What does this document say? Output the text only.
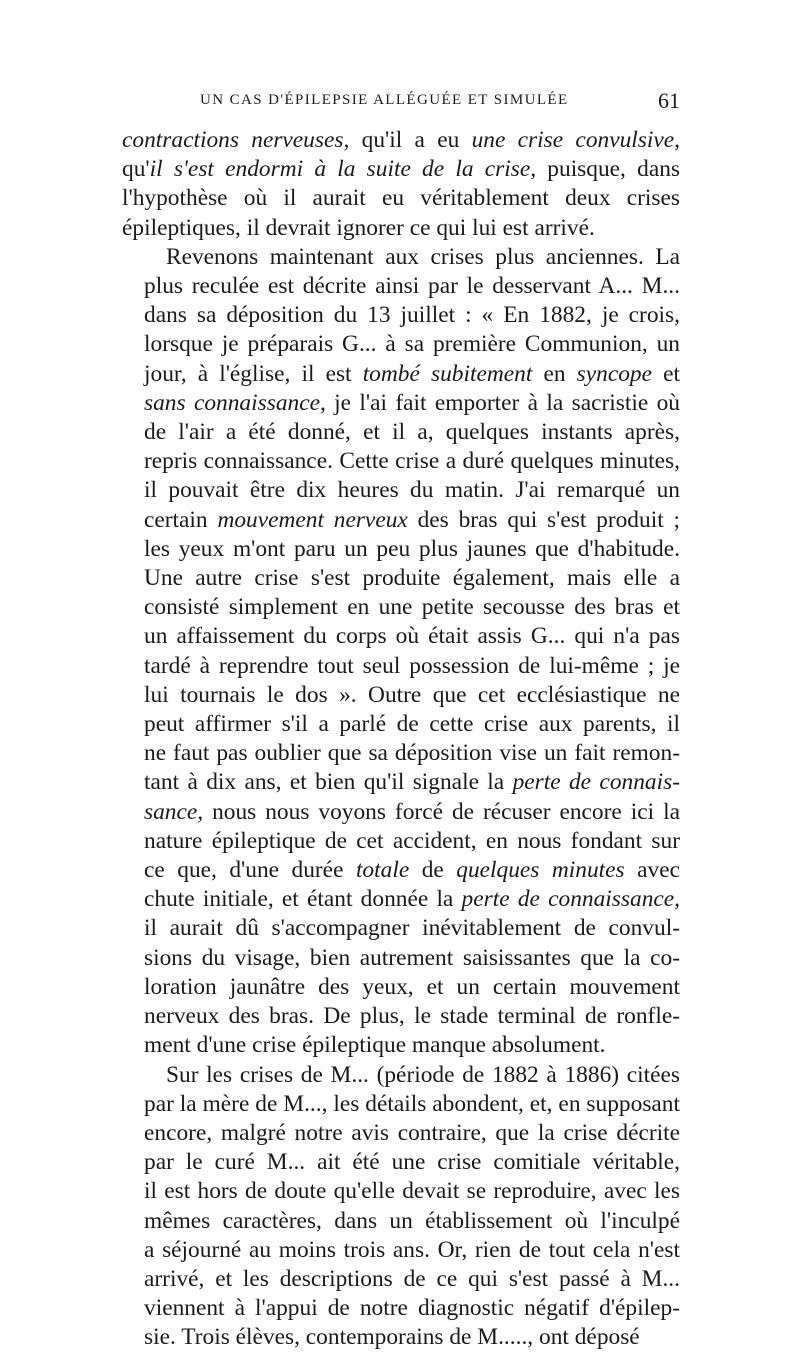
UN CAS D'ÉPILEPSIE ALLÉGUÉE ET SIMULÉE	61

contractions nerveuses, qu'il a eu une crise convulsive,
qu'il s'est endormi à la suite de la crise, puisque, dans
l'hypothèse où il aurait eu véritablement deux crises
épileptiques, il devrait ignorer ce qui lui est arrivé.

Revenons maintenant aux crises plus anciennes. La
plus reculée est décrite ainsi par le desservant A... M...
dans sa déposition du 13 juillet : « En 1882, je crois,
lorsque je préparais G... à sa première Communion, un
jour, à l'église, il est tombé subitement en syncope et
sans connaissance, je l'ai fait emporter à la sacristie où
de l'air a été donné, et il a, quelques instants après,
repris connaissance. Cette crise a duré quelques minutes,
il pouvait être dix heures du matin. J'ai remarqué un
certain mouvement nerveux des bras qui s'est produit ;
les yeux m'ont paru un peu plus jaunes que d'habitude.
Une autre crise s'est produite également, mais elle a
consisté simplement en une petite secousse des bras et
un affaissement du corps où était assis G... qui n'a pas
tardé à reprendre tout seul possession de lui-même ; je
lui tournais le dos ». Outre que cet ecclésiastique ne
peut affirmer s'il a parlé de cette crise aux parents, il
ne faut pas oublier que sa déposition vise un fait remon-
tant à dix ans, et bien qu'il signale la perte de connais-
sance, nous nous voyons forcé de récuser encore ici la
nature épileptique de cet accident, en nous fondant sur
ce que, d'une durée totale de quelques minutes avec
chute initiale, et étant donnée la perte de connaissance,
il aurait dû s'accompagner inévitablement de convul-
sions du visage, bien autrement saisissantes que la co-
loration jaunâtre des yeux, et un certain mouvement
nerveux des bras. De plus, le stade terminal de ronfle-
ment d'une crise épileptique manque absolument.

Sur les crises de M... (période de 1882 à 1886) citées
par la mère de M..., les détails abondent, et, en supposant
encore, malgré notre avis contraire, que la crise décrite
par le curé M... ait été une crise comitiale véritable,
il est hors de doute qu'elle devait se reproduire, avec les
mêmes caractères, dans un établissement où l'inculpé
a séjourné au moins trois ans. Or, rien de tout cela n'est
arrivé, et les descriptions de ce qui s'est passé à M...
viennent à l'appui de notre diagnostic négatif d'épilep-
sie. Trois élèves, contemporains de M....., ont déposé
